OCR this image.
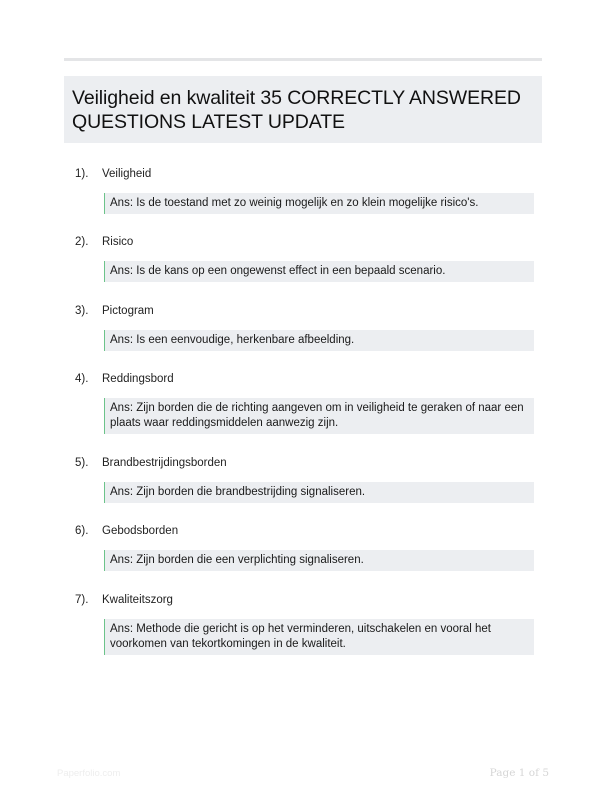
Veiligheid en kwaliteit 35 CORRECTLY ANSWERED QUESTIONS LATEST UPDATE
1). Veiligheid
Ans: Is de toestand met zo weinig mogelijk en zo klein mogelijke risico's.
2). Risico
Ans: Is de kans op een ongewenst effect in een bepaald scenario.
3). Pictogram
Ans: Is een eenvoudige, herkenbare afbeelding.
4). Reddingsbord
Ans: Zijn borden die de richting aangeven om in veiligheid te geraken of naar een plaats waar reddingsmiddelen aanwezig zijn.
5). Brandbestrijdingsborden
Ans: Zijn borden die brandbestrijding signaliseren.
6). Gebodsborden
Ans: Zijn borden die een verplichting signaliseren.
7). Kwaliteitszorg
Ans: Methode die gericht is op het verminderen, uitschakelen en vooral het voorkomen van tekortkomingen in de kwaliteit.
Paperfolio.com	Page 1 of 5
